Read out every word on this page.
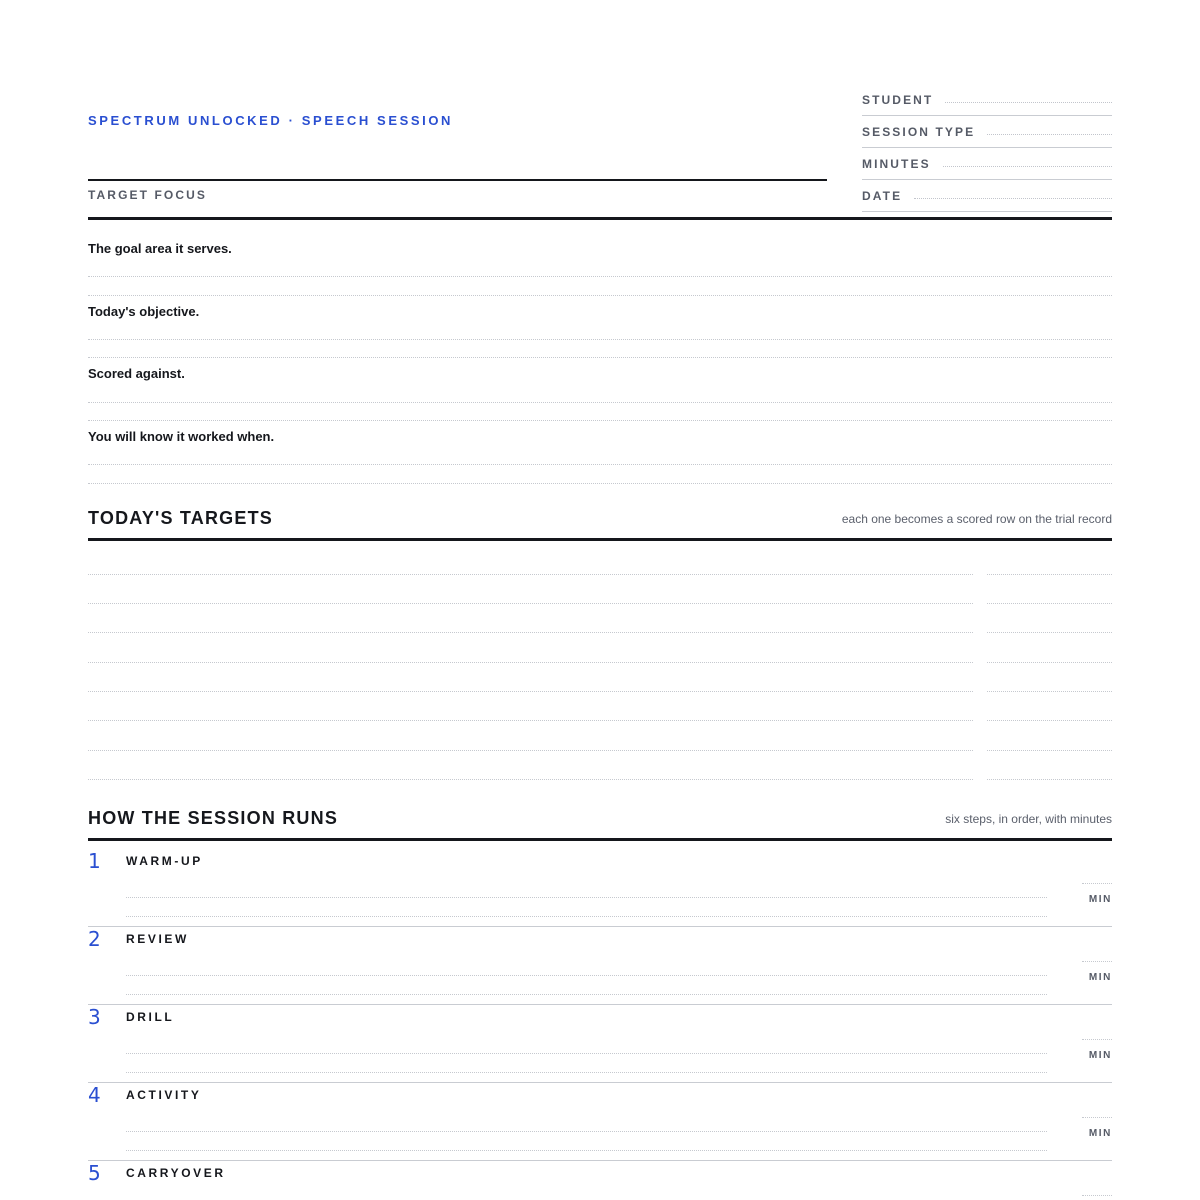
SPECTRUM UNLOCKED · SPEECH SESSION
TARGET FOCUS
STUDENT
SESSION TYPE
MINUTES
DATE
The goal area it serves.
Today's objective.
Scored against.
You will know it worked when.
TODAY'S TARGETS	each one becomes a scored row on the trial record
HOW THE SESSION RUNS	six steps, in order, with minutes
1 WARM-UP
MIN
2 REVIEW
MIN
3 DRILL
MIN
4 ACTIVITY
MIN
5 CARRYOVER
